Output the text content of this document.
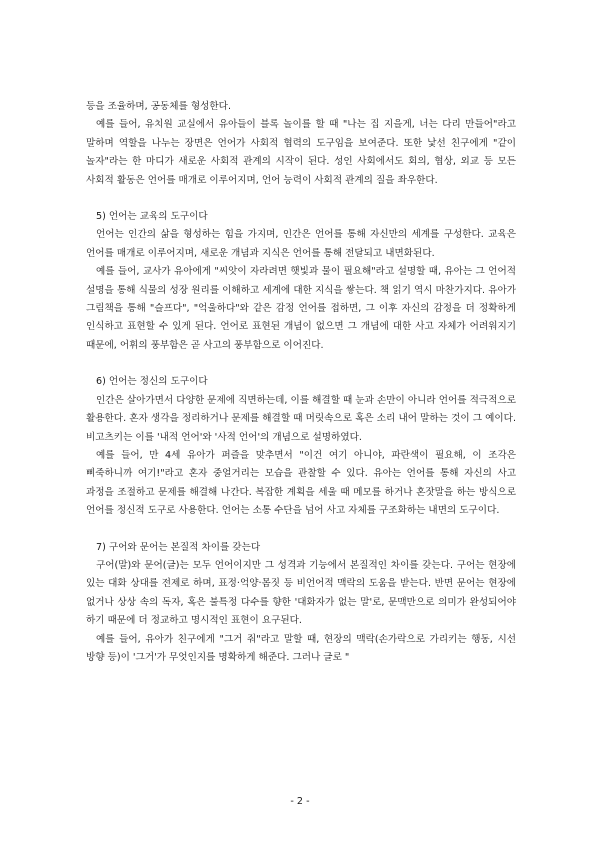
등을 조율하며, 공동체를 형성한다.

예를 들어, 유치원 교실에서 유아들이 블록 놀이를 할 때 "나는 집 지을게, 너는 다리 만들어"라고 말하며 역할을 나누는 장면은 언어가 사회적 협력의 도구임을 보여준다. 또한 낯선 친구에게 "같이 놀자"라는 한 마디가 새로운 사회적 관계의 시작이 된다. 성인 사회에서도 회의, 협상, 외교 등 모든 사회적 활동은 언어를 매개로 이루어지며, 언어 능력이 사회적 관계의 질을 좌우한다.

5) 언어는 교육의 도구이다

언어는 인간의 삶을 형성하는 힘을 가지며, 인간은 언어를 통해 자신만의 세계를 구성한다. 교육은 언어를 매개로 이루어지며, 새로운 개념과 지식은 언어를 통해 전달되고 내면화된다.

예를 들어, 교사가 유아에게 "씨앗이 자라려면 햇빛과 물이 필요해"라고 설명할 때, 유아는 그 언어적 설명을 통해 식물의 성장 원리를 이해하고 세계에 대한 지식을 쌓는다. 책 읽기 역시 마찬가지다. 유아가 그림책을 통해 "슬프다", "억울하다"와 같은 감정 언어를 접하면, 그 이후 자신의 감정을 더 정확하게 인식하고 표현할 수 있게 된다. 언어로 표현된 개념이 없으면 그 개념에 대한 사고 자체가 어려워지기 때문에, 어휘의 풍부함은 곧 사고의 풍부함으로 이어진다.

6) 언어는 정신의 도구이다

인간은 살아가면서 다양한 문제에 직면하는데, 이를 해결할 때 눈과 손만이 아니라 언어를 적극적으로 활용한다. 혼자 생각을 정리하거나 문제를 해결할 때 머릿속으로 혹은 소리 내어 말하는 것이 그 예이다. 비고츠키는 이를 '내적 언어'와 '사적 언어'의 개념으로 설명하였다.

예를 들어, 만 4세 유아가 퍼즐을 맞추면서 "이건 여기 아니야, 파란색이 필요해, 이 조각은 삐죽하니까 여기!"라고 혼자 중얼거리는 모습을 관찰할 수 있다. 유아는 언어를 통해 자신의 사고 과정을 조절하고 문제를 해결해 나간다. 복잡한 계획을 세울 때 메모를 하거나 혼잣말을 하는 방식으로 언어를 정신적 도구로 사용한다. 언어는 소통 수단을 넘어 사고 자체를 구조화하는 내면의 도구이다.

7) 구어와 문어는 본질적 차이를 갖는다

구어(말)와 문어(글)는 모두 언어이지만 그 성격과 기능에서 본질적인 차이를 갖는다. 구어는 현장에 있는 대화 상대를 전제로 하며, 표정·억양·몸짓 등 비언어적 맥락의 도움을 받는다. 반면 문어는 현장에 없거나 상상 속의 독자, 혹은 불특정 다수를 향한 '대화자가 없는 말'로, 문맥만으로 의미가 완성되어야 하기 때문에 더 정교하고 명시적인 표현이 요구된다.

예를 들어, 유아가 친구에게 "그거 줘"라고 말할 때, 현장의 맥락(손가락으로 가리키는 행동, 시선 방향 등)이 '그거'가 무엇인지를 명확하게 해준다. 그러나 글로 "

- 2 -
